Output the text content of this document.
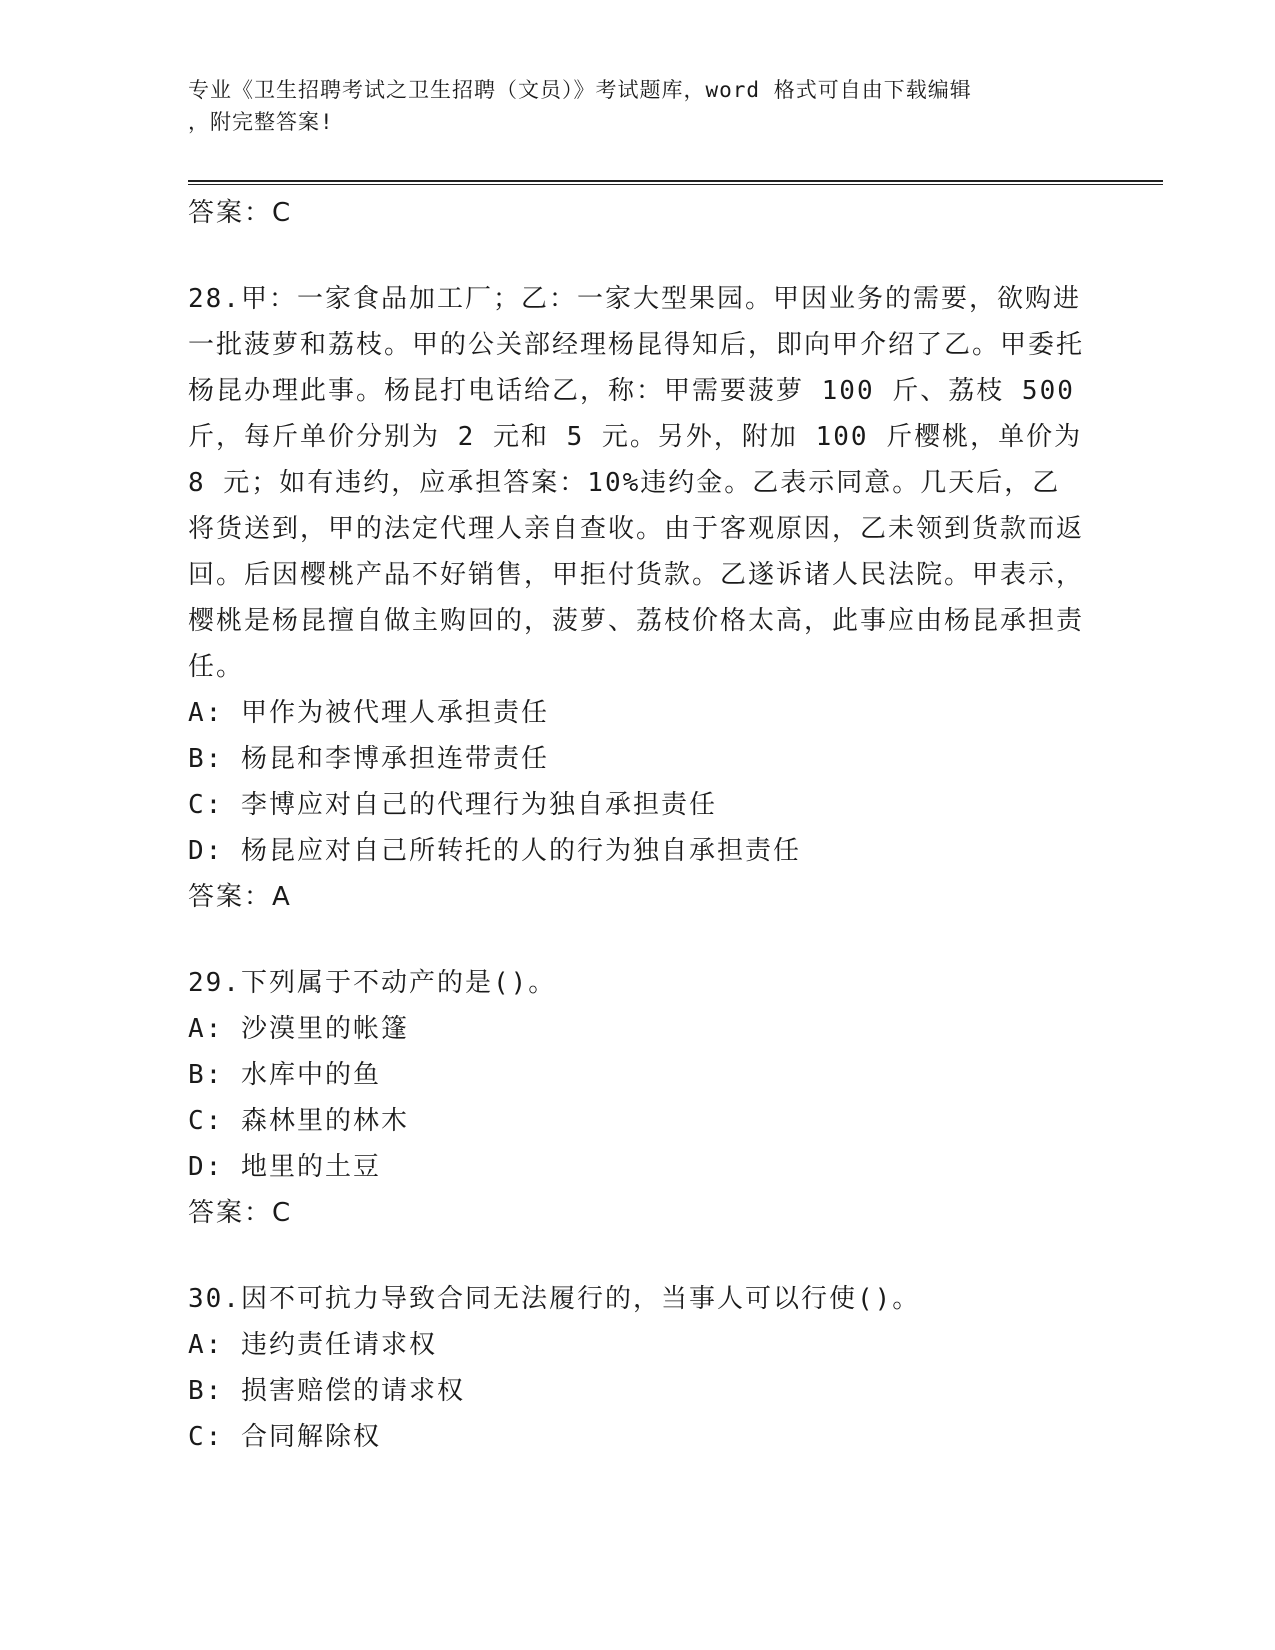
专业《卫生招聘考试之卫生招聘（文员）》考试题库，word 格式可自由下载编辑
，附完整答案!

答案：C

28.甲：一家食品加工厂；乙：一家大型果园。甲因业务的需要，欲购进一批菠萝和荔枝。甲的公关部经理杨昆得知后，即向甲介绍了乙。甲委托杨昆办理此事。杨昆打电话给乙，称：甲需要菠萝 100 斤、荔枝 500 斤，每斤单价分别为 2 元和 5 元。另外，附加 100 斤樱桃，单价为 8 元；如有违约，应承担答案：10%违约金。乙表示同意。几天后，乙将货送到，甲的法定代理人亲自查收。由于客观原因，乙未领到货款而返回。后因樱桃产品不好销售，甲拒付货款。乙遂诉诸人民法院。甲表示，樱桃是杨昆擅自做主购回的，菠萝、荔枝价格太高，此事应由杨昆承担责任。

A: 甲作为被代理人承担责任

B: 杨昆和李博承担连带责任

C: 李博应对自己的代理行为独自承担责任

D: 杨昆应对自己所转托的人的行为独自承担责任

答案：A

29.下列属于不动产的是()。

A: 沙漠里的帐篷

B: 水库中的鱼

C: 森林里的林木

D: 地里的土豆

答案：C

30.因不可抗力导致合同无法履行的，当事人可以行使()。

A: 违约责任请求权

B: 损害赔偿的请求权

C: 合同解除权
